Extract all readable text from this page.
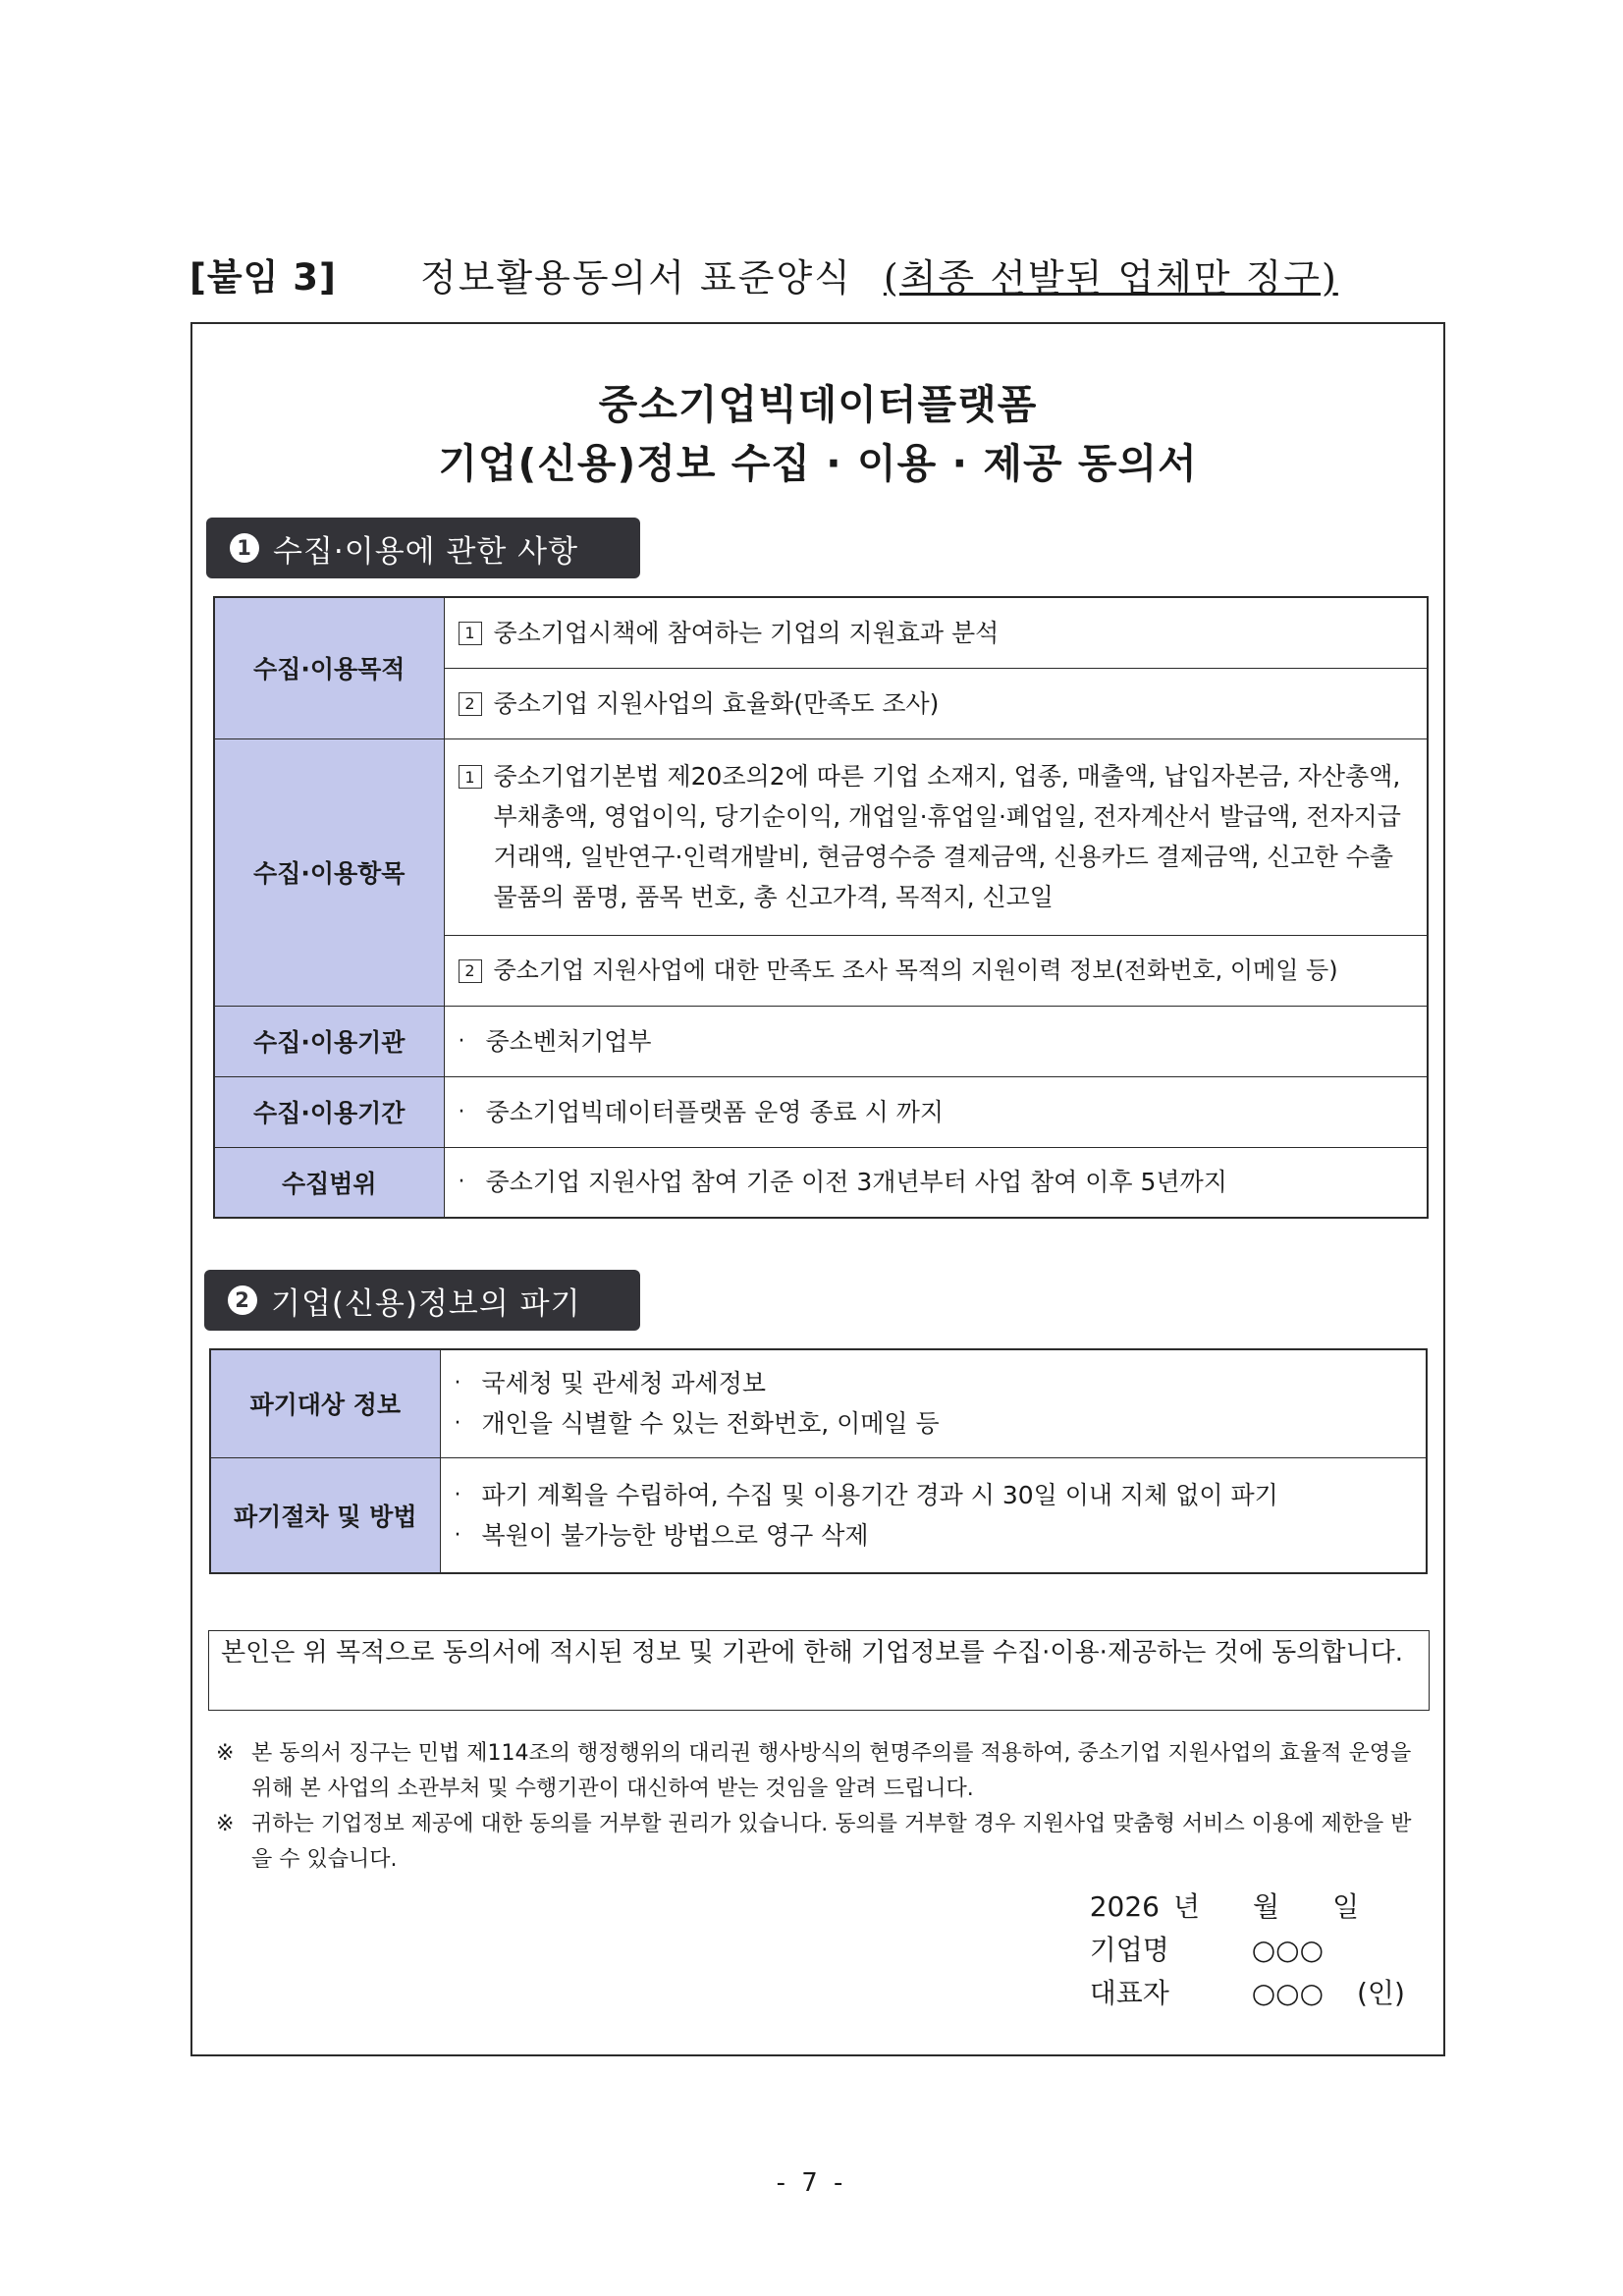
[붙임 3]	정보활용동의서 표준양식 (최종 선발된 업체만 징구)
중소기업빅데이터플랫폼
기업(신용)정보 수집 · 이용 · 제공 동의서
1 수집·이용에 관한 사항
수집·이용목적	1 중소기업시책에 참여하는 기업의 지원효과 분석

2 중소기업 지원사업의 효율화(만족도 조사)

수집·이용항목	1 중소기업기본법 제20조의2에 따른 기업 소재지, 업종, 매출액, 납입자본금, 자산총액, 부채총액, 영업이익, 당기순이익, 개업일·휴업일·폐업일, 전자계산서 발급액, 전자지급 거래액, 일반연구·인력개발비, 현금영수증 결제금액, 신용카드 결제금액, 신고한 수출 물품의 품명, 품목 번호, 총 신고가격, 목적지, 신고일

2 중소기업 지원사업에 대한 만족도 조사 목적의 지원이력 정보(전화번호, 이메일 등)

수집·이용기관	· 중소벤처기업부

수집·이용기간	· 중소기업빅데이터플랫폼 운영 종료 시 까지

수집범위	· 중소기업 지원사업 참여 기준 이전 3개년부터 사업 참여 이후 5년까지
2 기업(신용)정보의 파기
파기대상 정보	· 국세청 및 관세청 과세정보
· 개인을 식별할 수 있는 전화번호, 이메일 등

파기절차 및 방법	· 파기 계획을 수립하여, 수집 및 이용기간 경과 시 30일 이내 지체 없이 파기
· 복원이 불가능한 방법으로 영구 삭제
본인은 위 목적으로 동의서에 적시된 정보 및 기관에 한해 기업정보를 수집·이용·제공하는 것에 동의합니다.
※ 본 동의서 징구는 민법 제114조의 행정행위의 대리권 행사방식의 현명주의를 적용하여, 중소기업 지원사업의 효율적 운영을 위해 본 사업의 소관부처 및 수행기관이 대신하여 받는 것임을 알려 드립니다.
※ 귀하는 기업정보 제공에 대한 동의를 거부할 권리가 있습니다. 동의를 거부할 경우 지원사업 맞춤형 서비스 이용에 제한을 받을 수 있습니다.
2026 년 월 일
기업명	○○○
대표자	○○○ (인)
- 7 -
